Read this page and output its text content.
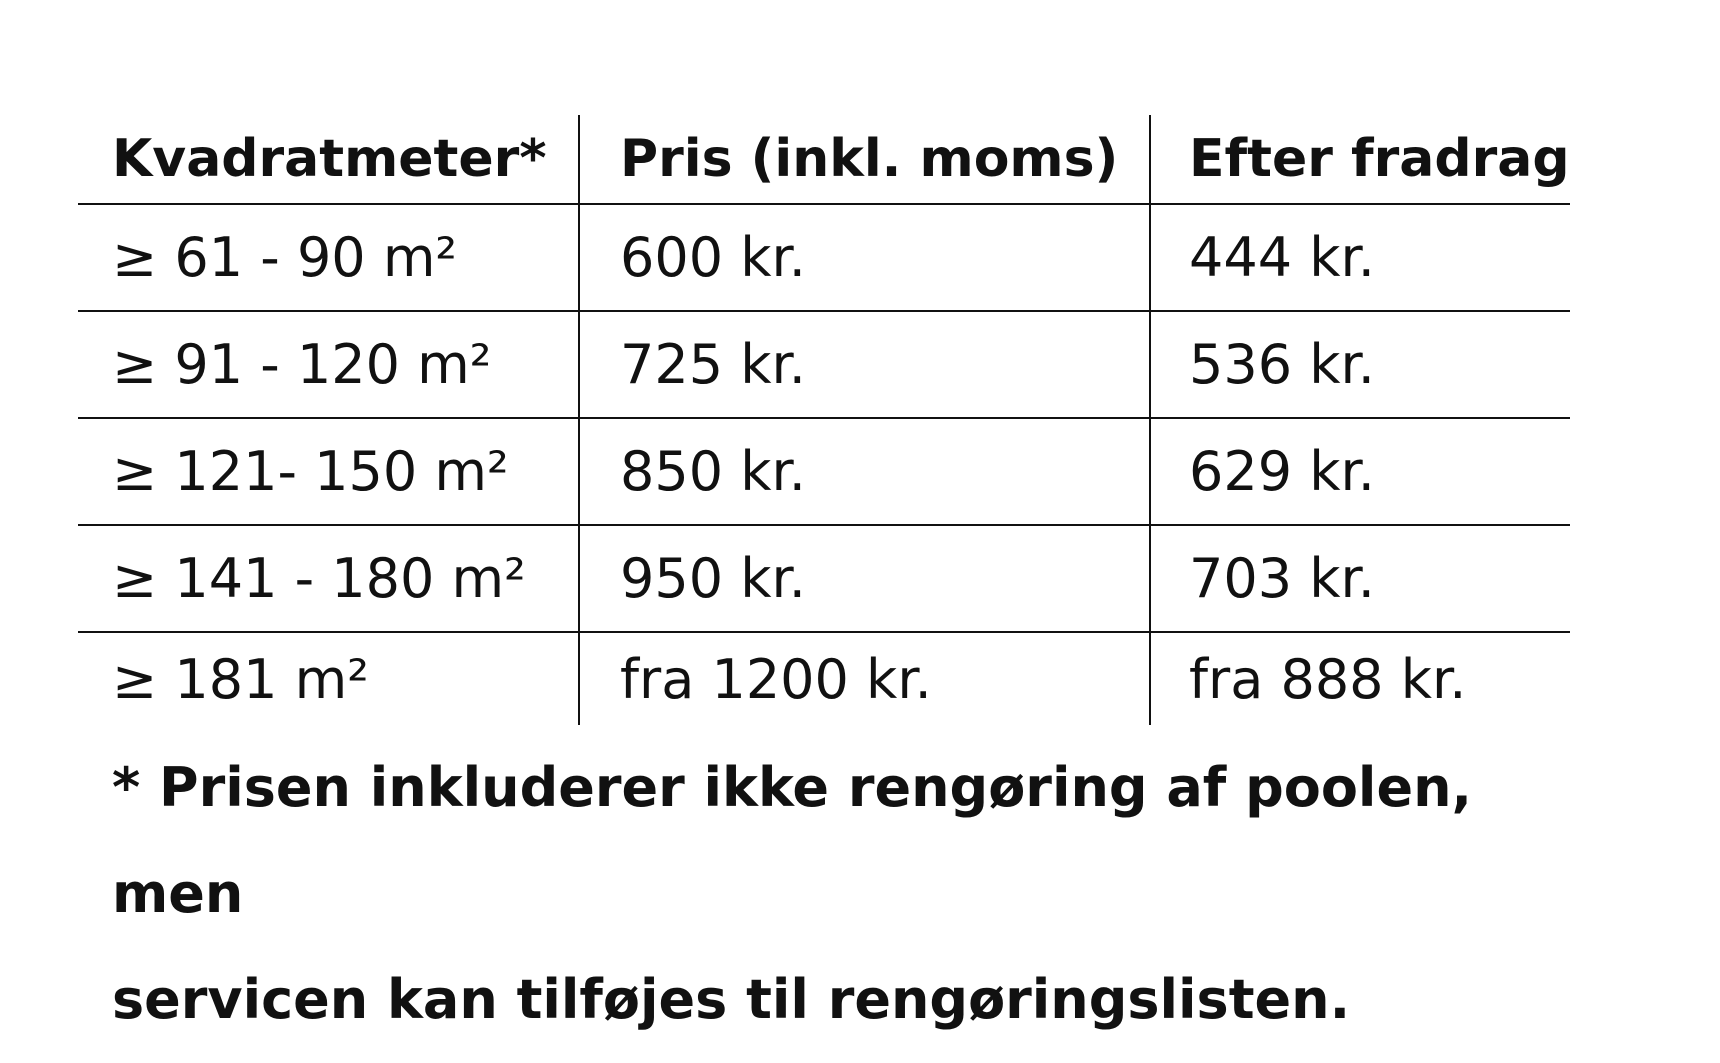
Kvadratmeter*	Pris (inkl. moms)	Efter fradrag
≥ 61 - 90 m²	600 kr.	444 kr.
≥ 91 - 120 m²	725 kr.	536 kr.
≥ 121- 150 m²	850 kr.	629 kr.
≥ 141 - 180 m²	950 kr.	703 kr.
≥ 181 m²	fra 1200 kr.	fra 888 kr.
* Prisen inkluderer ikke rengøring af poolen, men
servicen kan tilføjes til rengøringslisten.
